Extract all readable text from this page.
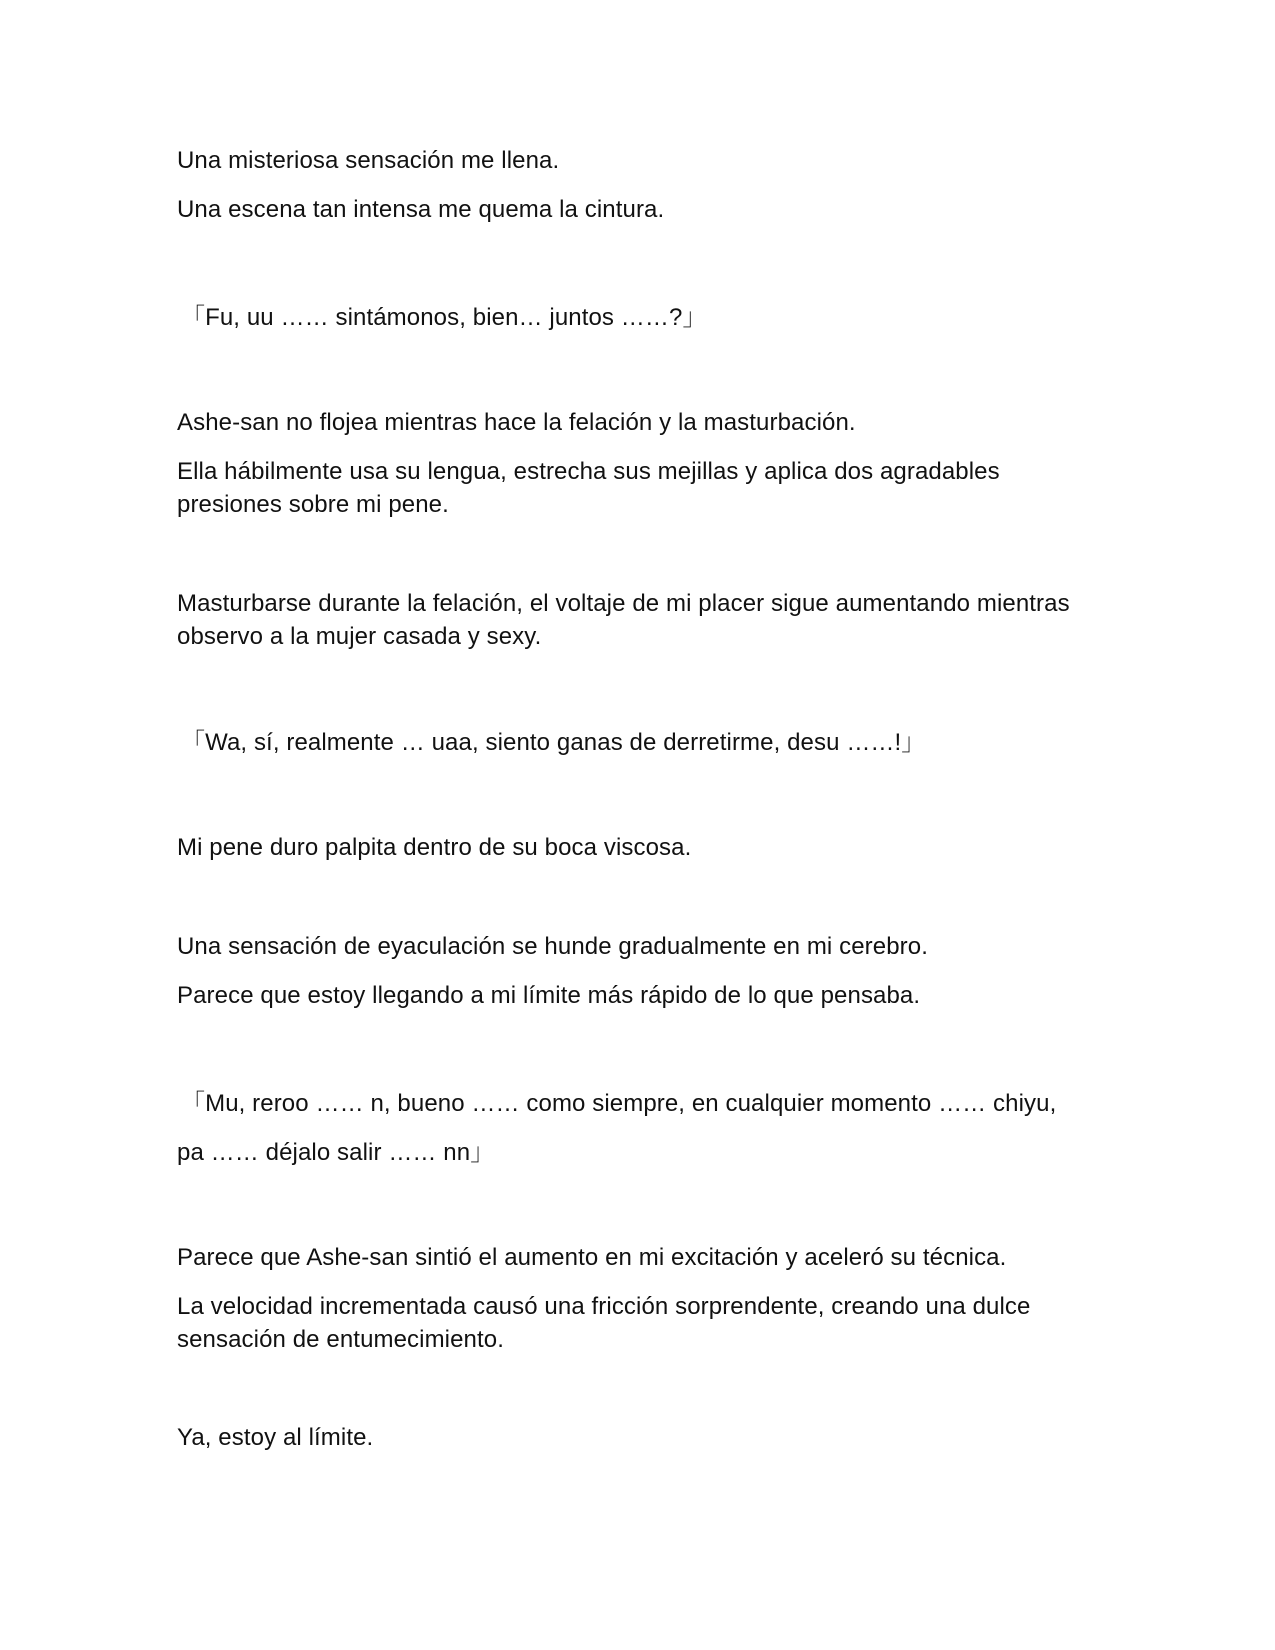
Una misteriosa sensación me llena.

Una escena tan intensa me quema la cintura.

「Fu, uu …… sintámonos, bien… juntos ……?」

Ashe-san no flojea mientras hace la felación y la masturbación.

Ella hábilmente usa su lengua, estrecha sus mejillas y aplica dos agradables presiones sobre mi pene.

Masturbarse durante la felación, el voltaje de mi placer sigue aumentando mientras observo a la mujer casada y sexy.

「Wa, sí, realmente … uaa, siento ganas de derretirme, desu ……!」

Mi pene duro palpita dentro de su boca viscosa.

Una sensación de eyaculación se hunde gradualmente en mi cerebro.

Parece que estoy llegando a mi límite más rápido de lo que pensaba.

「Mu, reroo …… n, bueno …… como siempre, en cualquier momento …… chiyu,

pa …… déjalo salir …… nn」

Parece que Ashe-san sintió el aumento en mi excitación y aceleró su técnica.

La velocidad incrementada causó una fricción sorprendente, creando una dulce sensación de entumecimiento.

Ya, estoy al límite.
